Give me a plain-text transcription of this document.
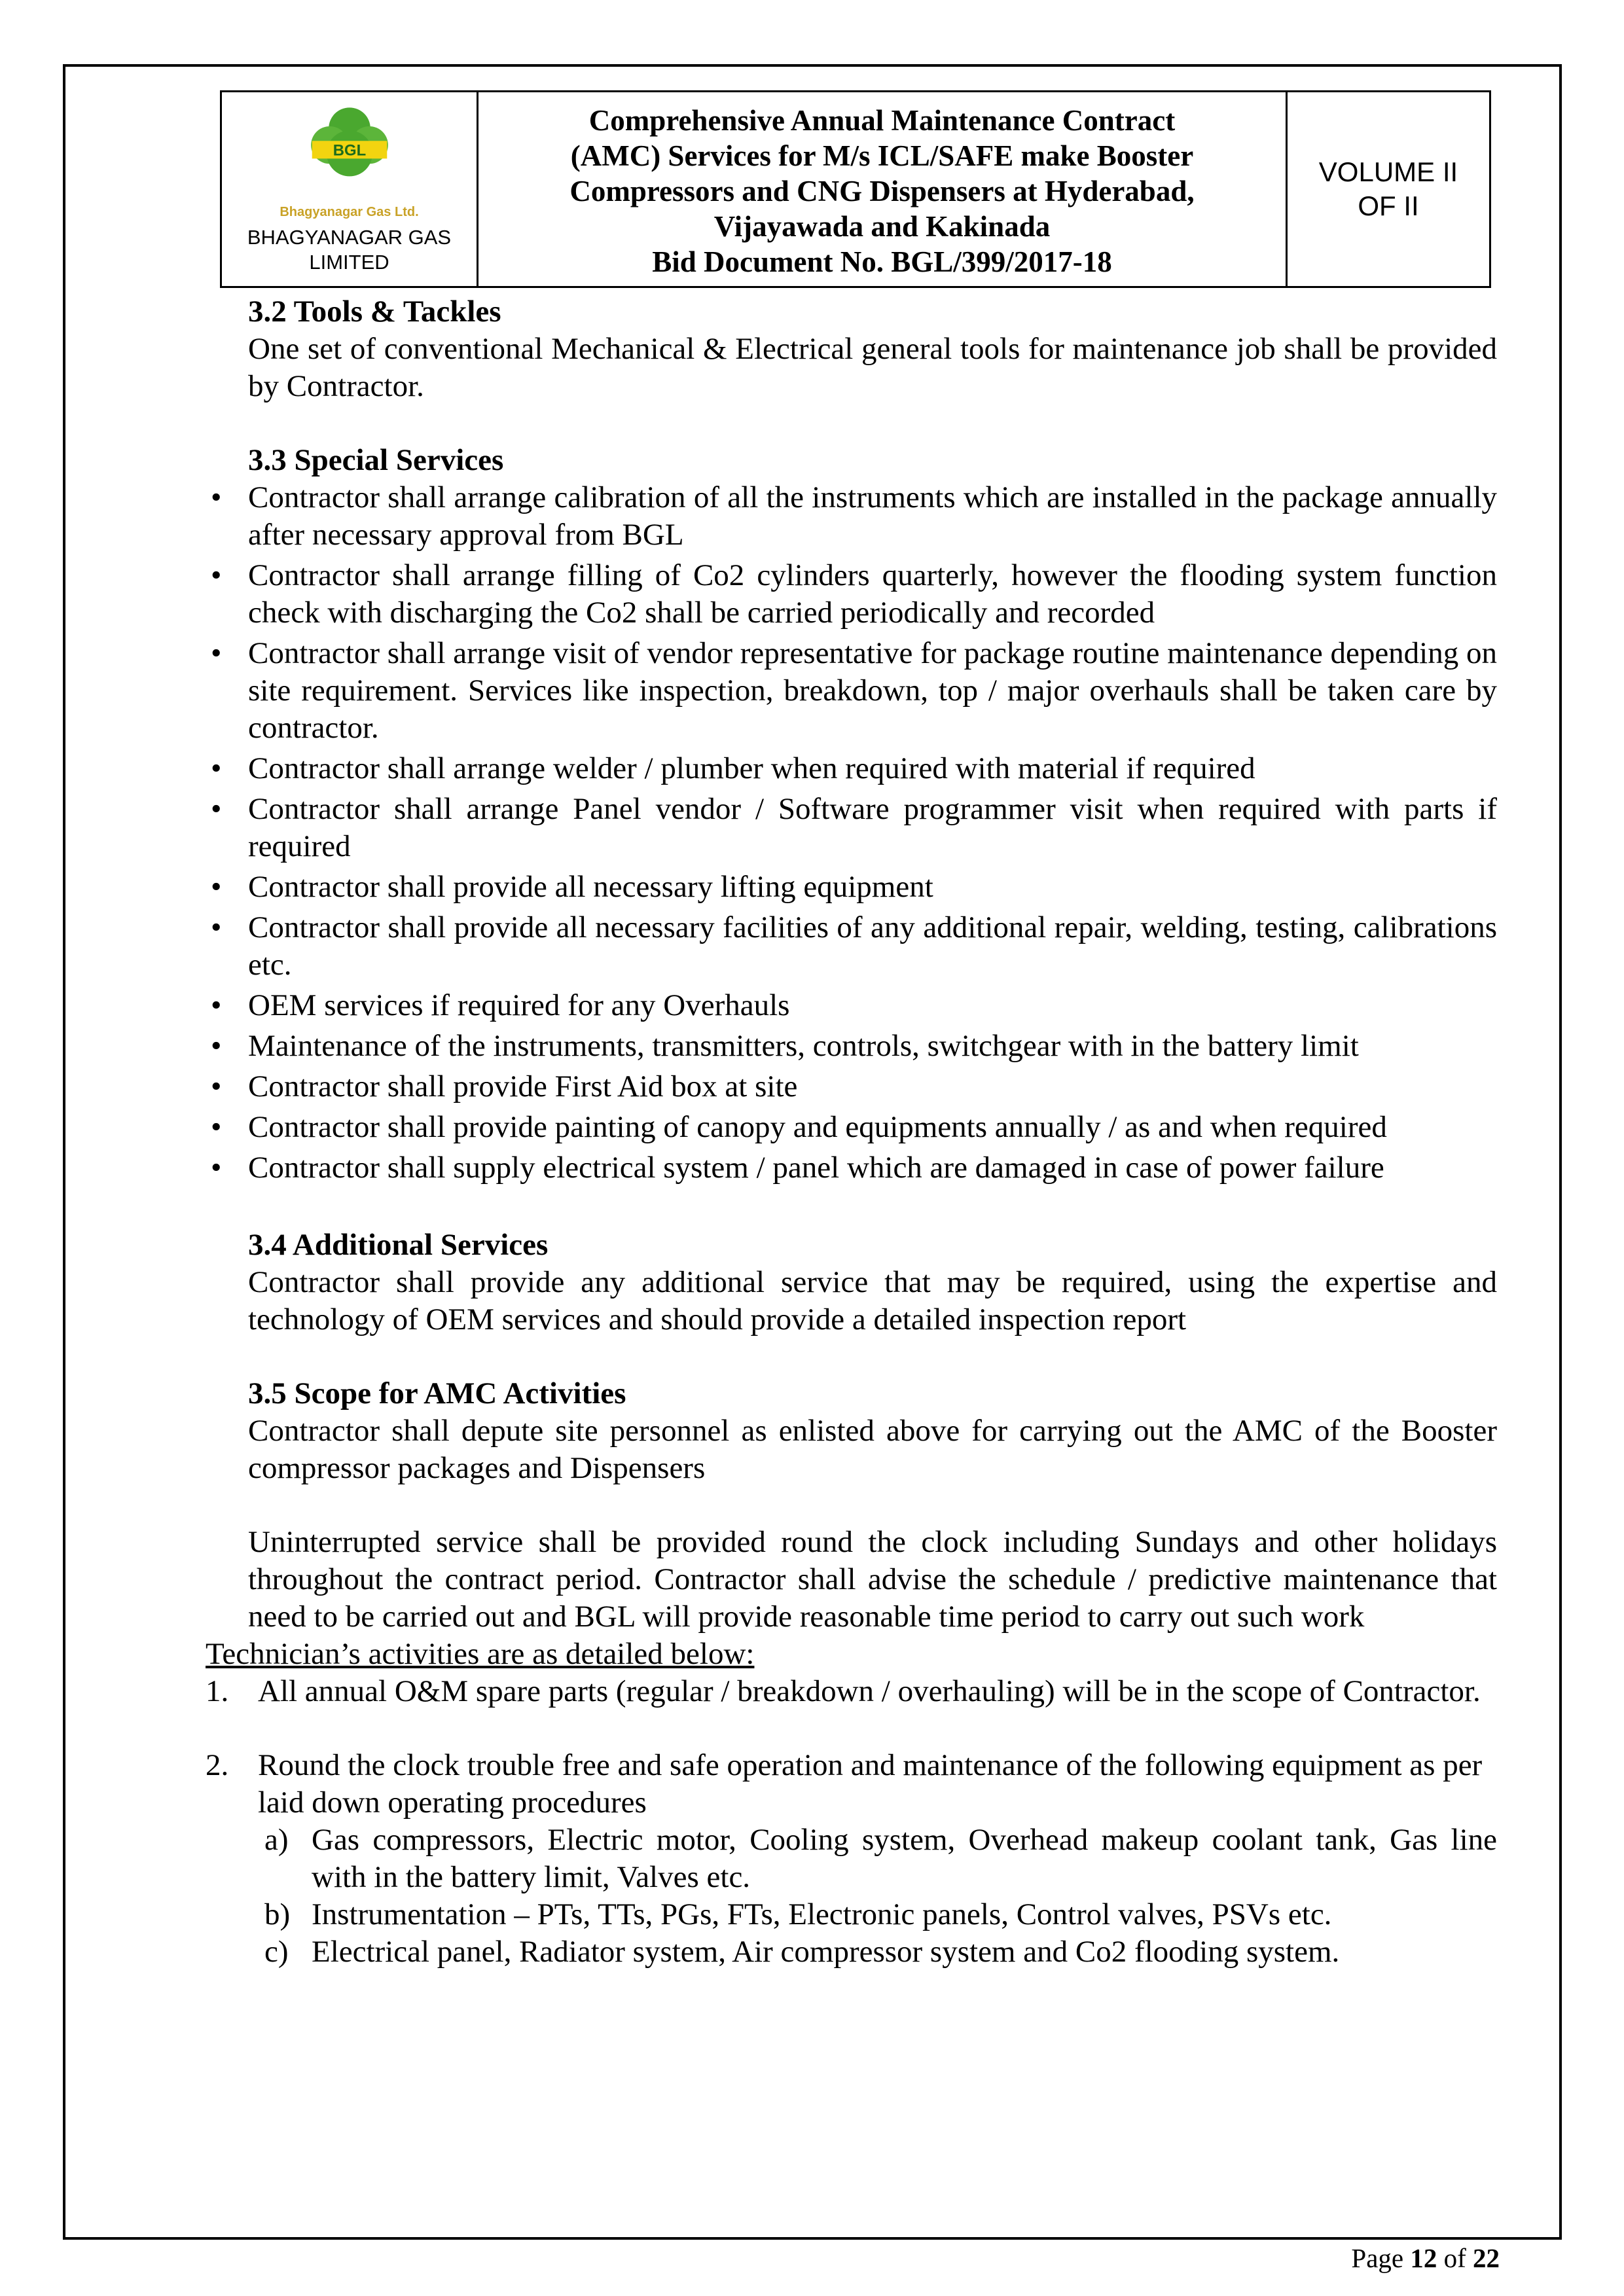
BGL
Bhagyanagar Gas Ltd.
BHAGYANAGAR GAS
LIMITED
Comprehensive Annual Maintenance Contract
(AMC) Services for M/s ICL/SAFE make Booster
Compressors and CNG Dispensers at Hyderabad,
Vijayawada and Kakinada
Bid Document No. BGL/399/2017-18
VOLUME II
OF II
3.2 Tools & Tackles

One set of conventional Mechanical & Electrical general tools for maintenance job shall be provided by Contractor.

3.3 Special Services
• Contractor shall arrange calibration of all the instruments which are installed in the package annually after necessary approval from BGL
• Contractor shall arrange filling of Co2 cylinders quarterly, however the flooding system function check with discharging the Co2 shall be carried periodically and recorded
• Contractor shall arrange visit of vendor representative for package routine maintenance depending on site requirement. Services like inspection, breakdown, top / major overhauls shall be taken care by contractor.
• Contractor shall arrange welder / plumber when required with material if required
• Contractor shall arrange Panel vendor / Software programmer visit when required with parts if required
• Contractor shall provide all necessary lifting equipment
• Contractor shall provide all necessary facilities of any additional repair, welding, testing, calibrations etc.
• OEM services if required for any Overhauls
• Maintenance of the instruments, transmitters, controls, switchgear with in the battery limit
• Contractor shall provide First Aid box at site
• Contractor shall provide painting of canopy and equipments annually / as and when required
• Contractor shall supply electrical system / panel which are damaged in case of power failure
3.4 Additional Services

Contractor shall provide any additional service that may be required, using the expertise and technology of OEM services and should provide a detailed inspection report

3.5 Scope for AMC Activities

Contractor shall depute site personnel as enlisted above for carrying out the AMC of the Booster compressor packages and Dispensers

Uninterrupted service shall be provided round the clock including Sundays and other holidays throughout the contract period. Contractor shall advise the schedule / predictive maintenance that need to be carried out and BGL will provide reasonable time period to carry out such work

Technician’s activities are as detailed below:
1. All annual O&M spare parts (regular / breakdown / overhauling) will be in the scope of Contractor.
2. Round the clock trouble free and safe operation and maintenance of the following equipment as per laid down operating procedures
a) Gas compressors, Electric motor, Cooling system, Overhead makeup coolant tank, Gas line with in the battery limit, Valves etc.
b) Instrumentation – PTs, TTs, PGs, FTs, Electronic panels, Control valves, PSVs etc.
c) Electrical panel, Radiator system, Air compressor system and Co2 flooding system.
Page 12 of 22
